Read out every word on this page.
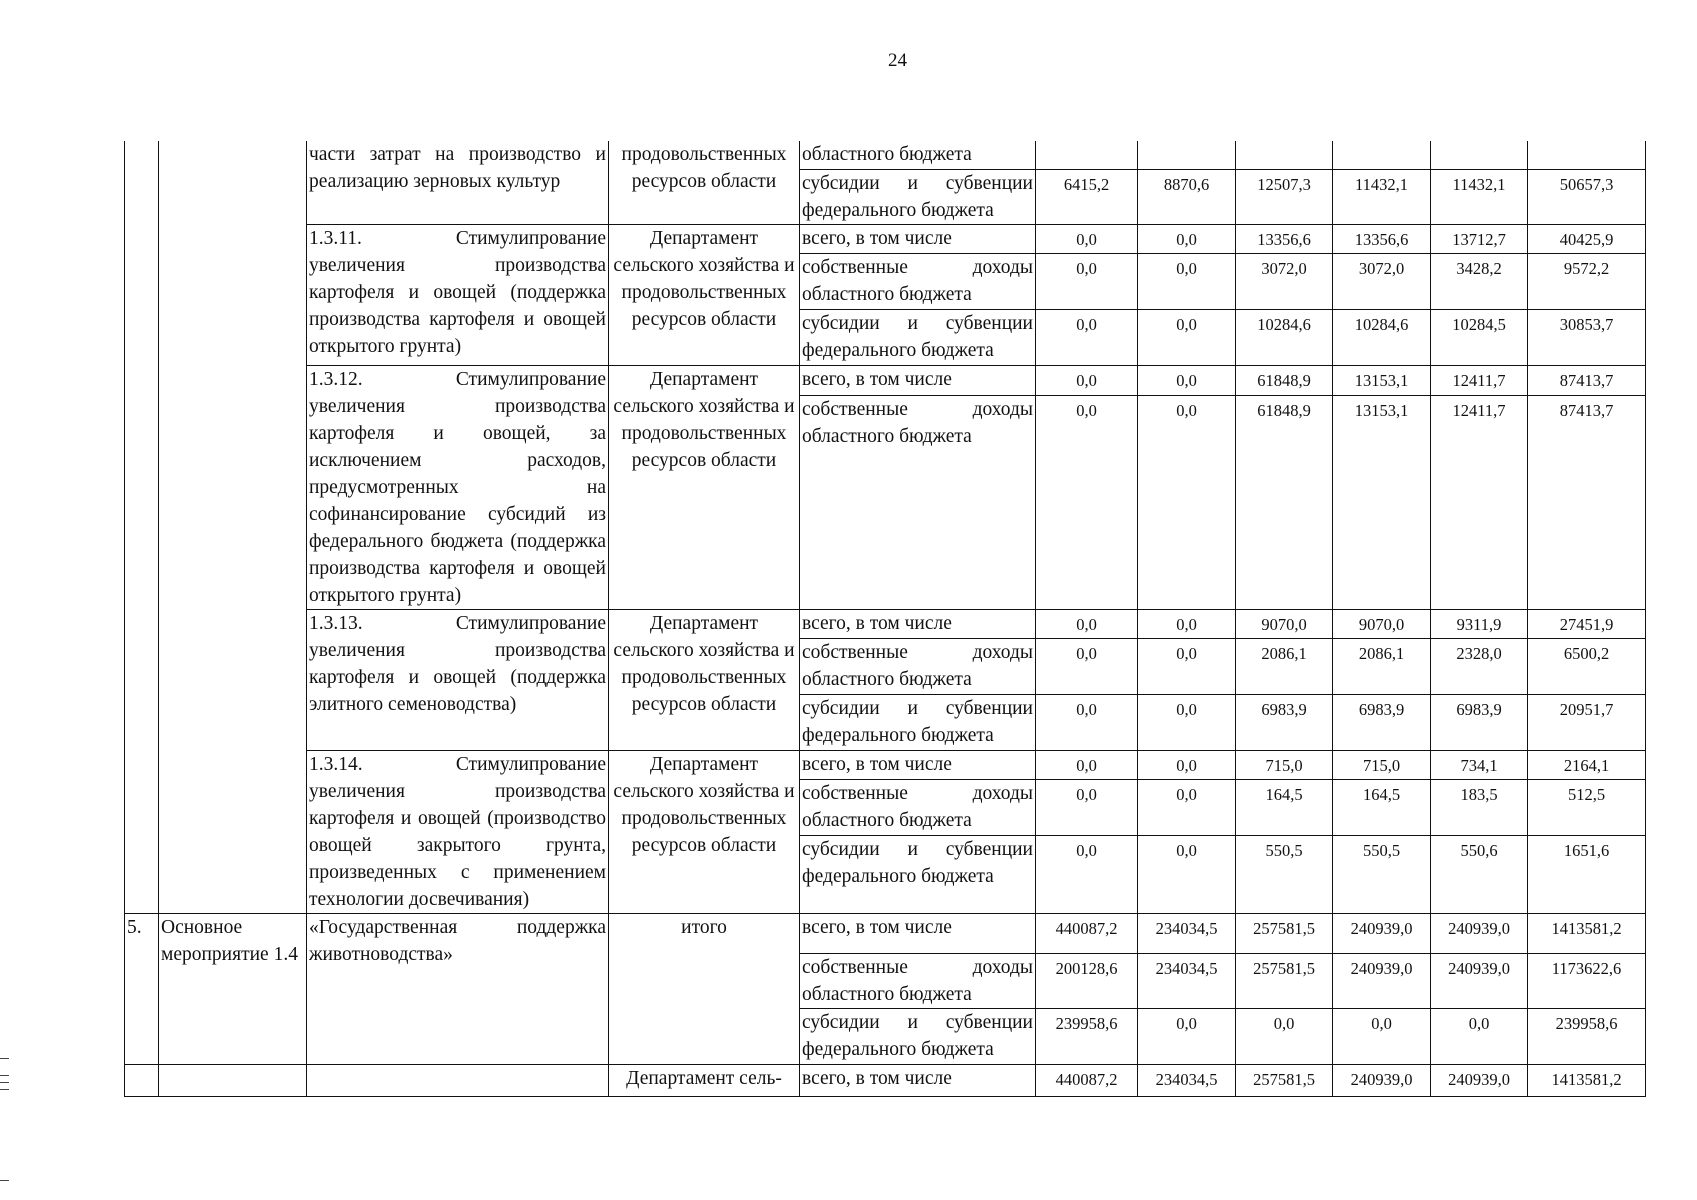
24
		части затрат на производство и реализацию зерновых культур	продовольственных ресурсов области	областного бюджета						
				субсидии и субвенции федерального бюджета	6415,2	8870,6	12507,3	11432,1	11432,1	50657,3
		1.3.11. Стимулипрование увеличения производства картофеля и овощей (поддержка производства картофеля и овощей открытого грунта)	Департамент сельского хозяйства и продовольственных ресурсов области	всего, в том числе	0,0	0,0	13356,6	13356,6	13712,7	40425,9
				собственные доходы областного бюджета	0,0	0,0	3072,0	3072,0	3428,2	9572,2
				субсидии и субвенции федерального бюджета	0,0	0,0	10284,6	10284,6	10284,5	30853,7
		1.3.12. Стимулипрование увеличения производства картофеля и овощей, за исключением расходов, предусмотренных на софинансирование субсидий из федерального бюджета (поддержка производства картофеля и овощей открытого грунта)	Департамент сельского хозяйства и продовольственных ресурсов области	всего, в том числе	0,0	0,0	61848,9	13153,1	12411,7	87413,7
				собственные доходы областного бюджета	0,0	0,0	61848,9	13153,1	12411,7	87413,7
		1.3.13. Стимулипрование увеличения производства картофеля и овощей (поддержка элитного семеноводства)	Департамент сельского хозяйства и продовольственных ресурсов области	всего, в том числе	0,0	0,0	9070,0	9070,0	9311,9	27451,9
				собственные доходы областного бюджета	0,0	0,0	2086,1	2086,1	2328,0	6500,2
				субсидии и субвенции федерального бюджета	0,0	0,0	6983,9	6983,9	6983,9	20951,7
		1.3.14. Стимулипрование увеличения производства картофеля и овощей (производство овощей закрытого грунта, произведенных с применением технологии досвечивания)	Департамент сельского хозяйства и продовольственных ресурсов области	всего, в том числе	0,0	0,0	715,0	715,0	734,1	2164,1
				собственные доходы областного бюджета	0,0	0,0	164,5	164,5	183,5	512,5
				субсидии и субвенции федерального бюджета	0,0	0,0	550,5	550,5	550,6	1651,6
5.	Основное мероприятие 1.4	«Государственная поддержка животноводства»	итого	всего, в том числе	440087,2	234034,5	257581,5	240939,0	240939,0	1413581,2
				собственные доходы областного бюджета	200128,6	234034,5	257581,5	240939,0	240939,0	1173622,6
				субсидии и субвенции федерального бюджета	239958,6	0,0	0,0	0,0	0,0	239958,6
			Департамент сель-	всего, в том числе	440087,2	234034,5	257581,5	240939,0	240939,0	1413581,2
